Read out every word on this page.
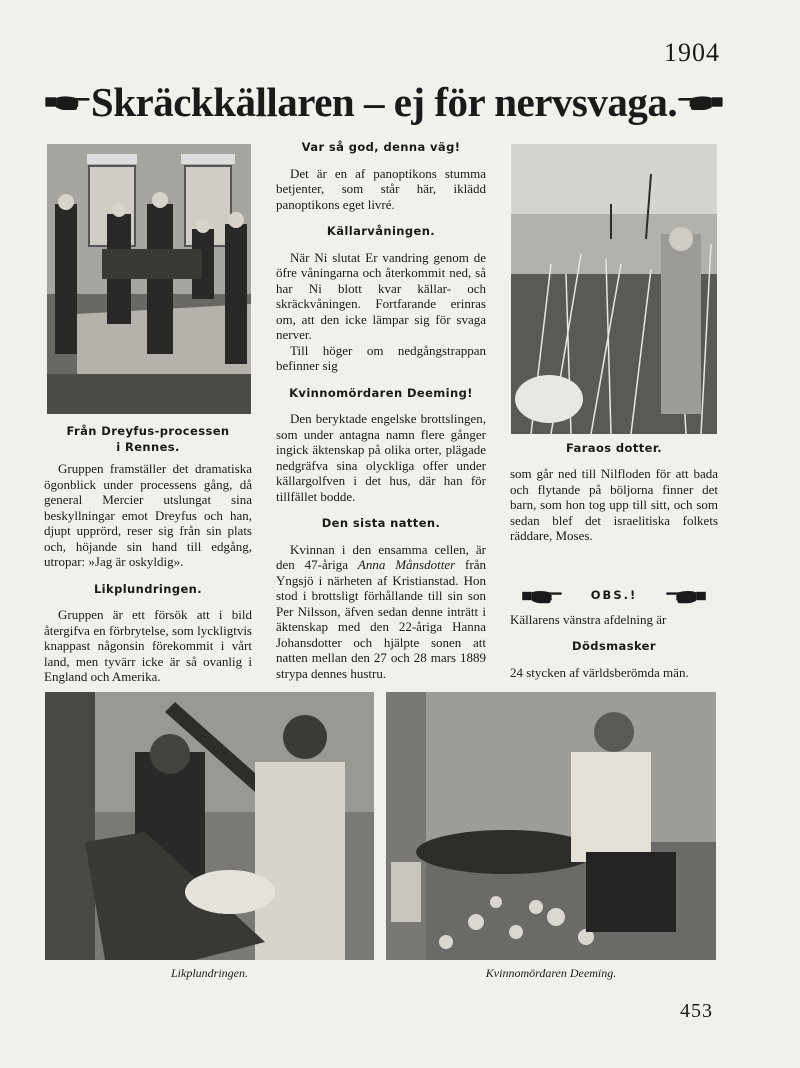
1904
Skräckkällaren – ej för nervsvaga.
Från Dreyfus-processen
i Rennes.

Gruppen framställer det dramatiska ögonblick under processens gång, då general Mercier utslungat sina beskyllningar emot Dreyfus och han, djupt upprörd, reser sig från sin plats och, höjande sin hand till edgång, utropar: »Jag är oskyldig».

Likplundringen.

Gruppen är ett försök att i bild återgifva en förbrytelse, som lyckligtvis knappast någonsin förekommit i vårt land, men tyvärr icke är så ovanlig i England och Amerika.

Var så god, denna väg!

Det är en af panoptikons stumma betjenter, som står här, iklädd panoptikons eget livré.

Källarvåningen.

När Ni slutat Er vandring genom de öfre våningarna och återkommit ned, så har Ni blott kvar källar- och skräckvåningen. Fortfarande erinras om, att den icke lämpar sig för svaga nerver.

Till höger om nedgångstrappan befinner sig

Kvinnomördaren Deeming!

Den beryktade engelske brottslingen, som under antagna namn flere gånger ingick äktenskap på olika orter, plägade nedgräfva sina olyckliga offer under källargolfven i det hus, där han för tillfället bodde.

Den sista natten.

Kvinnan i den ensamma cellen, är den 47-åriga Anna Månsdotter från Yngsjö i närheten af Kristianstad. Hon stod i brottsligt förhållande till sin son Per Nilsson, äfven sedan denne inträtt i äktenskap med den 22-åriga Hanna Johansdotter och hjälpte sonen att natten mellan den 27 och 28 mars 1889 strypa dennes hustru.

Faraos dotter.

som går ned till Nilfloden för att bada och flytande på böljorna finner det barn, som hon tog upp till sitt, och som sedan blef det israelitiska folkets räddare, Moses.

OBS.!

Källarens vänstra afdelning är

Dödsmasker

24 stycken af världsberömda män.

Likplundringen.	Kvinnomördaren Deeming.
453
